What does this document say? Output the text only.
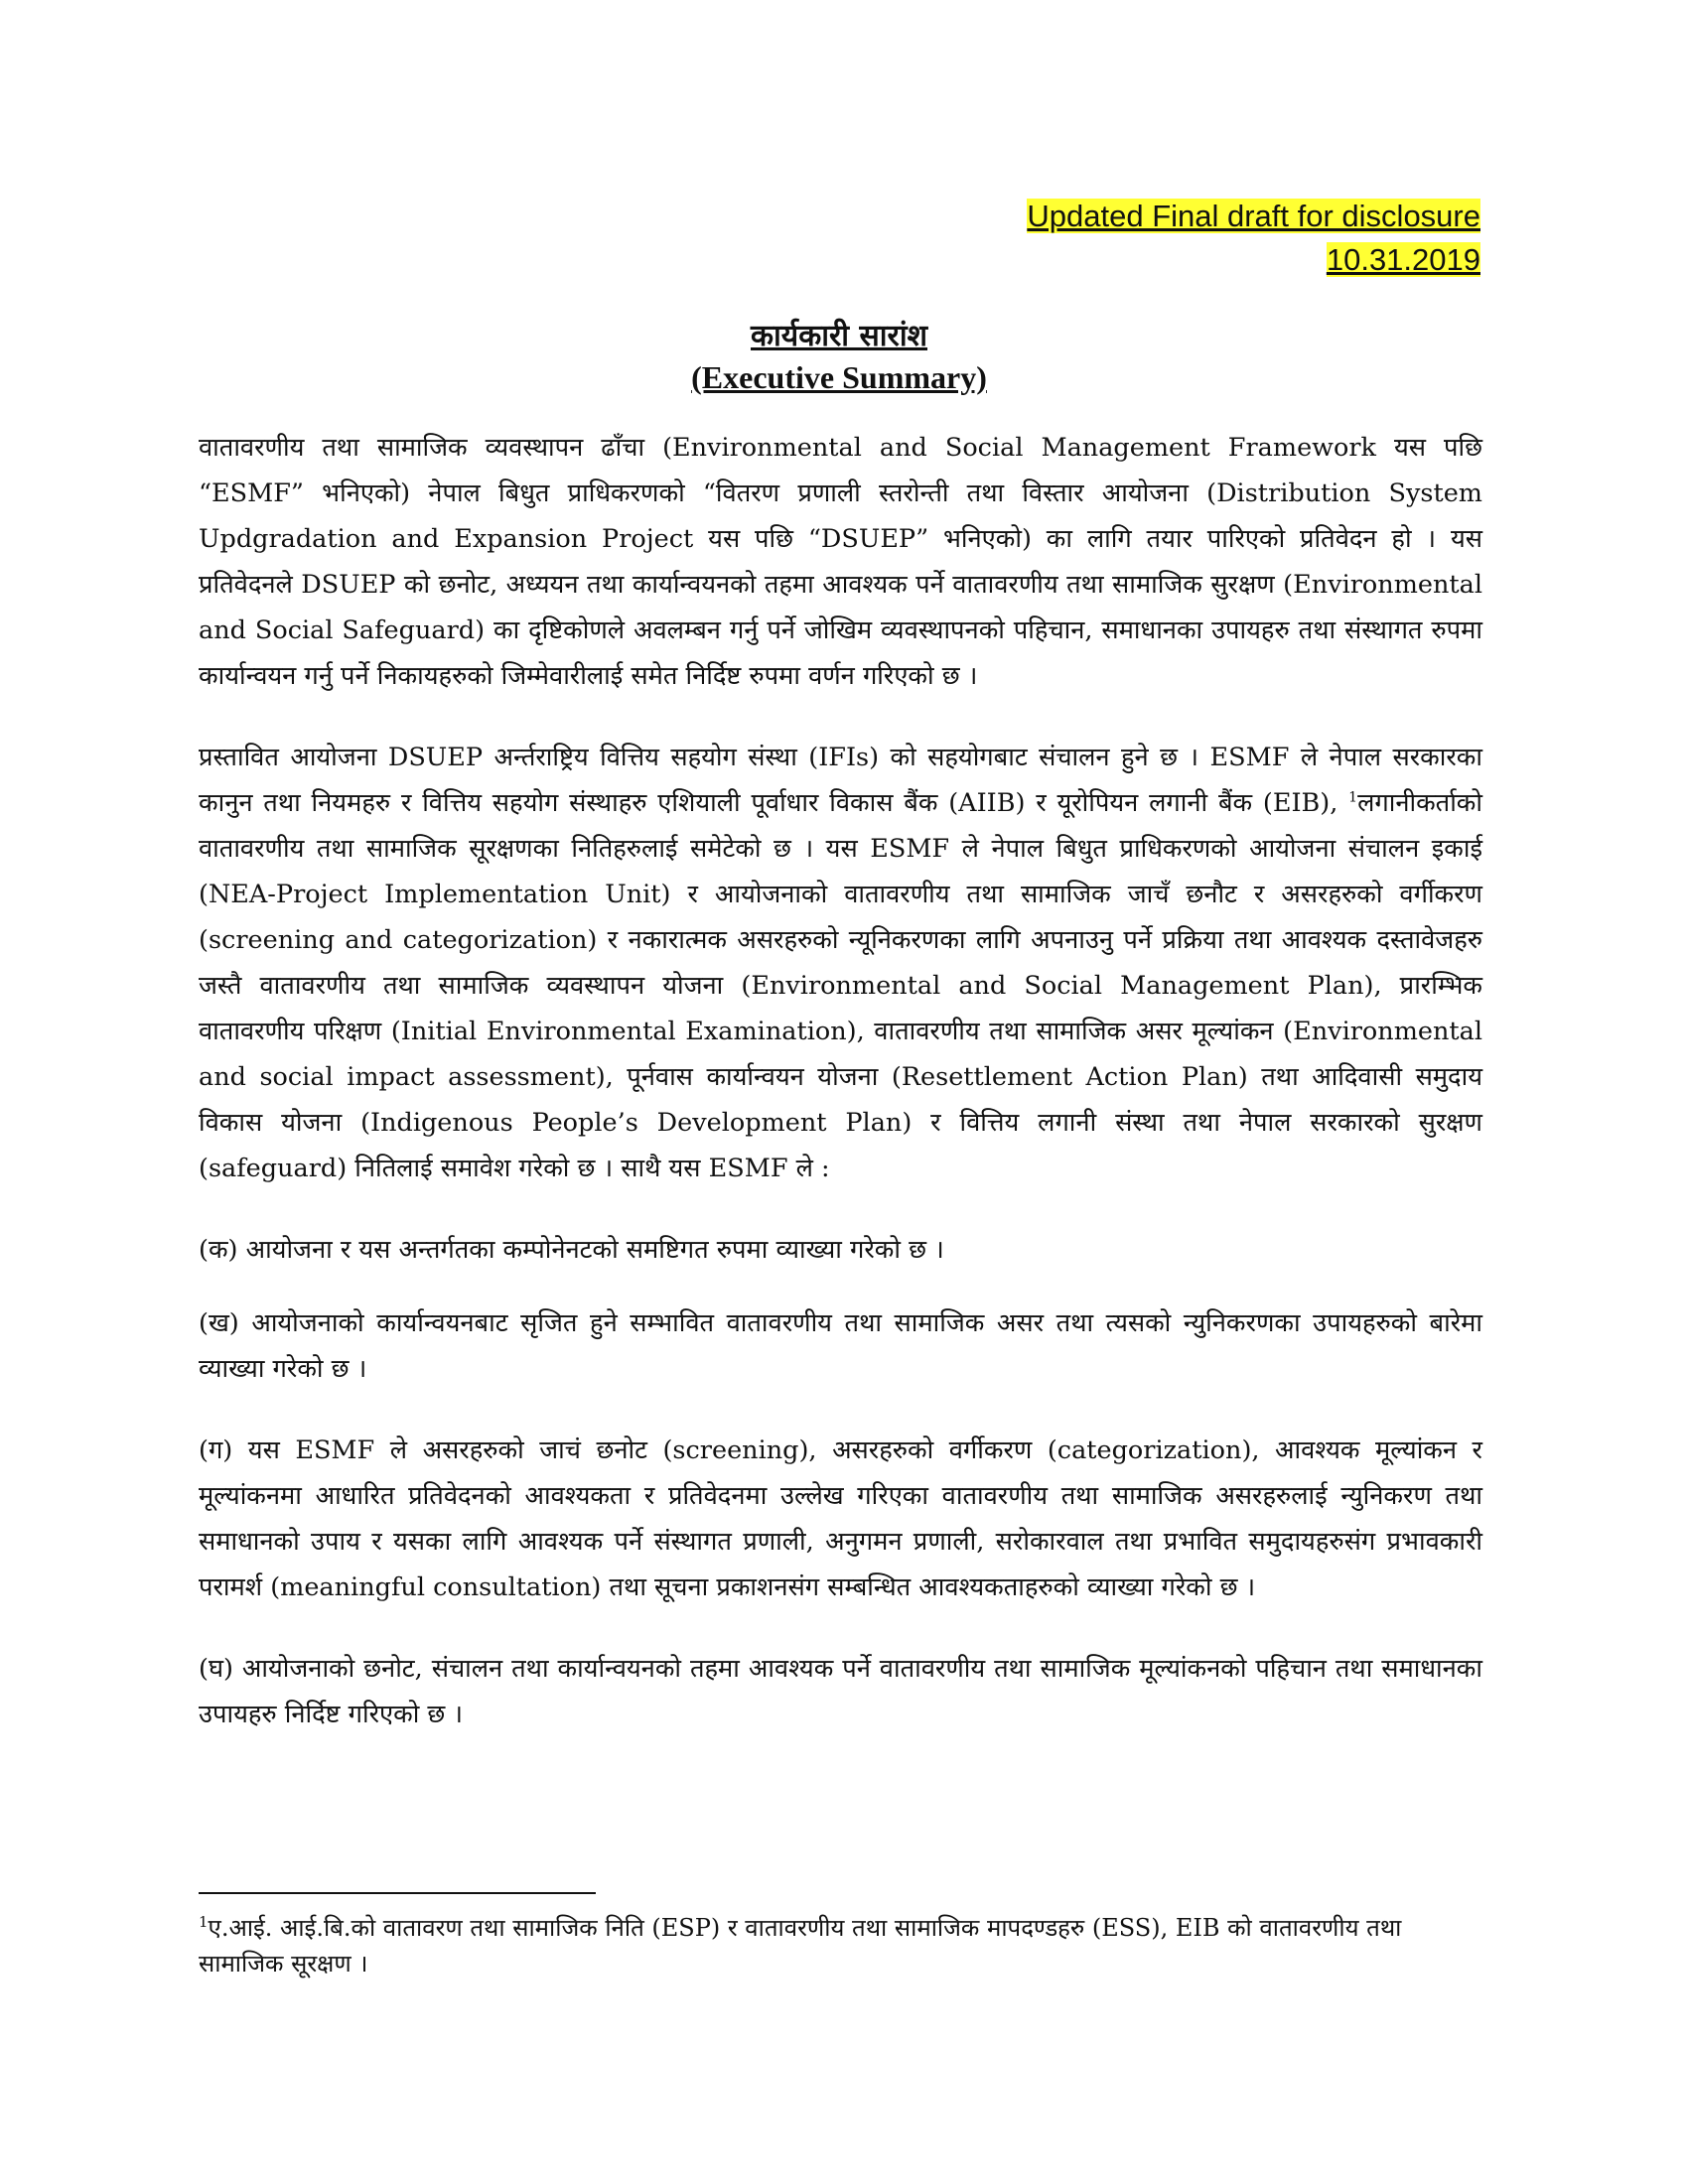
Updated Final draft for disclosure
10.31.2019
कार्यकारी सारांश
(Executive Summary)

वातावरणीय तथा सामाजिक व्यवस्थापन ढाँचा (Environmental and Social Management Framework यस पछि “ESMF” भनिएको) नेपाल बिधुत प्राधिकरणको “वितरण प्रणाली स्तरोन्ती तथा विस्तार आयोजना (Distribution System Updgradation and Expansion Project यस पछि “DSUEP” भनिएको) का लागि तयार पारिएको प्रतिवेदन हो । यस प्रतिवेदनले DSUEP को छनोट, अध्ययन तथा कार्यान्वयनको तहमा आवश्यक पर्ने वातावरणीय तथा सामाजिक सुरक्षण (Environmental and Social Safeguard) का दृष्टिकोणले अवलम्बन गर्नु पर्ने जोखिम व्यवस्थापनको पहिचान, समाधानका उपायहरु तथा संस्थागत रुपमा कार्यान्वयन गर्नु पर्ने निकायहरुको जिम्मेवारीलाई समेत निर्दिष्ट रुपमा वर्णन गरिएको छ ।

प्रस्तावित आयोजना DSUEP अर्न्तराष्ट्रिय वित्तिय सहयोग संस्था (IFIs) को सहयोगबाट संचालन हुने छ । ESMF ले नेपाल सरकारका कानुन तथा नियमहरु र वित्तिय सहयोग संस्थाहरु एशियाली पूर्वाधार विकास बैंक (AIIB) र यूरोपियन लगानी बैंक (EIB), $^1$लगानीकर्ताको वातावरणीय तथा सामाजिक सूरक्षणका नितिहरुलाई समेटेको छ । यस ESMF ले नेपाल बिधुत प्राधिकरणको आयोजना संचालन इकाई (NEA-Project Implementation Unit) र आयोजनाको वातावरणीय तथा सामाजिक जाचँ छनौट र असरहरुको वर्गीकरण (screening and categorization) र नकारात्मक असरहरुको न्यूनिकरणका लागि अपनाउनु पर्ने प्रक्रिया तथा आवश्यक दस्तावेजहरु जस्तै वातावरणीय तथा सामाजिक व्यवस्थापन योजना (Environmental and Social Management Plan), प्रारम्भिक वातावरणीय परिक्षण (Initial Environmental Examination), वातावरणीय तथा सामाजिक असर मूल्यांकन (Environmental and social impact assessment), पूर्नवास कार्यान्वयन योजना (Resettlement Action Plan) तथा आदिवासी समुदाय विकास योजना (Indigenous People’s Development Plan) र वित्तिय लगानी संस्था तथा नेपाल सरकारको सुरक्षण (safeguard) नितिलाई समावेश गरेको छ । साथै यस ESMF ले :

(क) आयोजना र यस अन्तर्गतका कम्पोनेनटको समष्टिगत रुपमा व्याख्या गरेको छ ।

(ख) आयोजनाको कार्यान्वयनबाट सृजित हुने सम्भावित वातावरणीय तथा सामाजिक असर तथा त्यसको न्युनिकरणका उपायहरुको बारेमा व्याख्या गरेको छ ।

(ग) यस ESMF ले असरहरुको जाचं छनोट (screening), असरहरुको वर्गीकरण (categorization), आवश्यक मूल्यांकन र मूल्यांकनमा आधारित प्रतिवेदनको आवश्यकता र प्रतिवेदनमा उल्लेख गरिएका वातावरणीय तथा सामाजिक असरहरुलाई न्युनिकरण तथा समाधानको उपाय र यसका लागि आवश्यक पर्ने संस्थागत प्रणाली, अनुगमन प्रणाली, सरोकारवाल तथा प्रभावित समुदायहरुसंग प्रभावकारी परामर्श (meaningful consultation) तथा सूचना प्रकाशनसंग सम्बन्धित आवश्यकताहरुको व्याख्या गरेको छ ।

(घ) आयोजनाको छनोट, संचालन तथा कार्यान्वयनको तहमा आवश्यक पर्ने वातावरणीय तथा सामाजिक मूल्यांकनको पहिचान तथा समाधानका उपायहरु निर्दिष्ट गरिएको छ ।

$^1$ए.आई. आई.बि.को वातावरण तथा सामाजिक निति (ESP) र वातावरणीय तथा सामाजिक मापदण्डहरु (ESS), EIB को वातावरणीय तथा सामाजिक सूरक्षण ।
